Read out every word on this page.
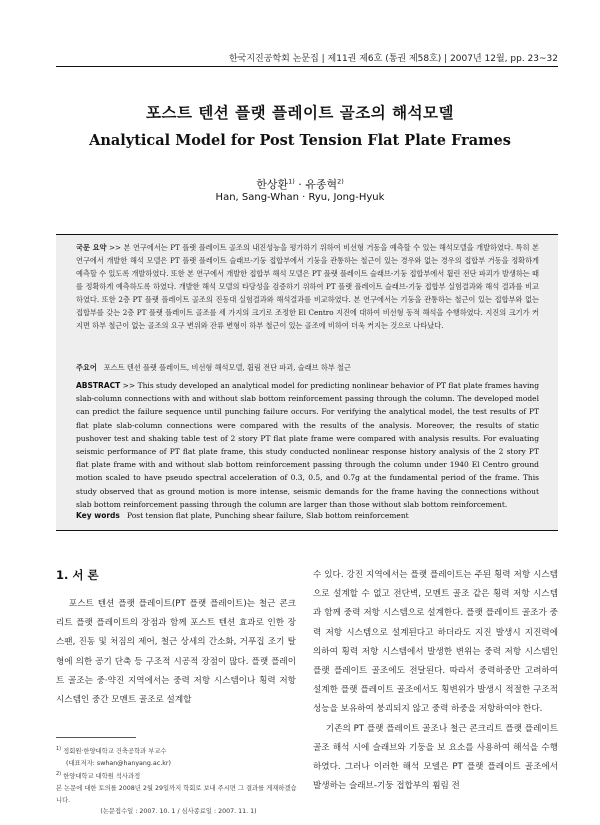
한국지진공학회 논문집 | 제11권 제6호 (통권 제58호) | 2007년 12월, pp. 23~32
포스트 텐션 플랫 플레이트 골조의 해석모델
Analytical Model for Post Tension Flat Plate Frames
한상환$^{1)}$ · 유종혁$^{2)}$
Han, Sang-Whan · Ryu, Jong-Hyuk
국문 요약 >> 본 연구에서는 PT 플랫 플레이트 골조의 내진성능을 평가하기 위하여 비선형 거동을 예측할 수 있는 해석모델을 개발하였다. 특히 본 연구에서 개발한 해석 모델은 PT 플랫 플레이트 슬래브-기둥 접합부에서 기둥을 관통하는 철근이 있는 경우와 없는 경우의 접합부 거동을 정확하게 예측할 수 있도록 개발하였다. 또한 본 연구에서 개발한 접합부 해석 모델은 PT 플랫 플레이트 슬래브-기둥 접합부에서 휨린 전단 파괴가 발생하는 때를 정확하게 예측하도록 하였다. 개발한 해석 모델의 타당성을 검증하기 위하여 PT 플랫 플레이트 슬래브-기둥 접합부 실험결과와 해석 결과를 비교하였다. 또한 2층 PT 플랫 플레이트 골조의 진동대 실험결과와 해석결과를 비교하였다. 본 연구에서는 기둥을 관통하는 철근이 있는 접합부와 없는 접합부를 갖는 2층 PT 플랫 플레이트 골조를 세 가지의 크기로 조정한 El Centro 지진에 대하여 비선형 동적 해석을 수행하였다. 지진의 크기가 커지면 하부 철근이 없는 골조의 요구 변위와 잔류 변형이 하부 철근이 있는 골조에 비하여 더욱 커지는 것으로 나타났다.
주요어 포스트 텐션 플랫 플레이트, 비선형 해석모델, 휨림 전단 파괴, 슬래브 하부 철근
ABSTRACT >> This study developed an analytical model for predicting nonlinear behavior of PT flat plate frames having slab-column connections with and without slab bottom reinforcement passing through the column. The developed model can predict the failure sequence until punching failure occurs. For verifying the analytical model, the test results of PT flat plate slab-column connections were compared with the results of the analysis. Moreover, the results of static pushover test and shaking table test of 2 story PT flat plate frame were compared with analysis results. For evaluating seismic performance of PT flat plate frame, this study conducted nonlinear response history analysis of the 2 story PT flat plate frame with and without slab bottom reinforcement passing through the column under 1940 El Centro ground motion scaled to have pseudo spectral acceleration of 0.3, 0.5, and 0.7g at the fundamental period of the frame. This study observed that as ground motion is more intense, seismic demands for the frame having the connections without slab bottom reinforcement passing through the column are larger than those without slab bottom reinforcement.
Key words Post tension flat plate, Punching shear failure, Slab bottom reinforcement
1. 서 론
포스트 텐션 플랫 플레이트(PT 플랫 플레이트)는 철근 콘크리트 플랫 플레이트의 장점과 함께 포스트 텐션 효과로 인한 장스팬, 진동 및 처짐의 제어, 철근 상세의 간소화, 거푸집 조기 탈형에 의한 공기 단축 등 구조적 시공적 장점이 많다. 플랫 플레이트 골조는 중·약진 지역에서는 중력 저항 시스템이나 횡력 저항 시스템인 중간 모멘트 골조로 설계할
수 있다. 강진 지역에서는 플랫 플레이트는 주된 횡력 저항 시스템으로 설계할 수 없고 전단벽, 모멘트 골조 같은 횡력 저항 시스템과 함께 중력 저항 시스템으로 설계한다. 플랫 플레이트 골조가 중력 저항 시스템으로 설계된다고 하더라도 지진 발생시 지진력에 의하여 횡력 저항 시스템에서 발생한 변위는 중력 저항 시스템인 플랫 플레이트 골조에도 전달된다. 따라서 중력하중만 고려하여 설계한 플랫 플레이트 골조에서도 횡변위가 발생시 적절한 구조적 성능을 보유하여 붕괴되지 않고 중력 하중을 저항하여야 한다.
기존의 PT 플랫 플레이트 골조나 철근 콘크리트 플랫 플레이트 골조 해석 시에 슬래브와 기둥을 보 요소를 사용하여 해석을 수행하였다. 그러나 이러한 해석 모델은 PT 플랫 플레이트 골조에서 발생하는 슬래브-기둥 접합부의 휨림 전
$^{1)}$ 정회원·한양대학교 건축공학과 부교수
(대표저자: swhan@hanyang.ac.kr)
$^{2)}$ 한양대학교 대학원 석사과정
본 논문에 대한 토의를 2008년 2월 29일까지 학회로 보내 주시면 그 결과를 게재하겠습니다.
(논문접수일 : 2007. 10. 1 / 심사종료일 : 2007. 11. 1)
